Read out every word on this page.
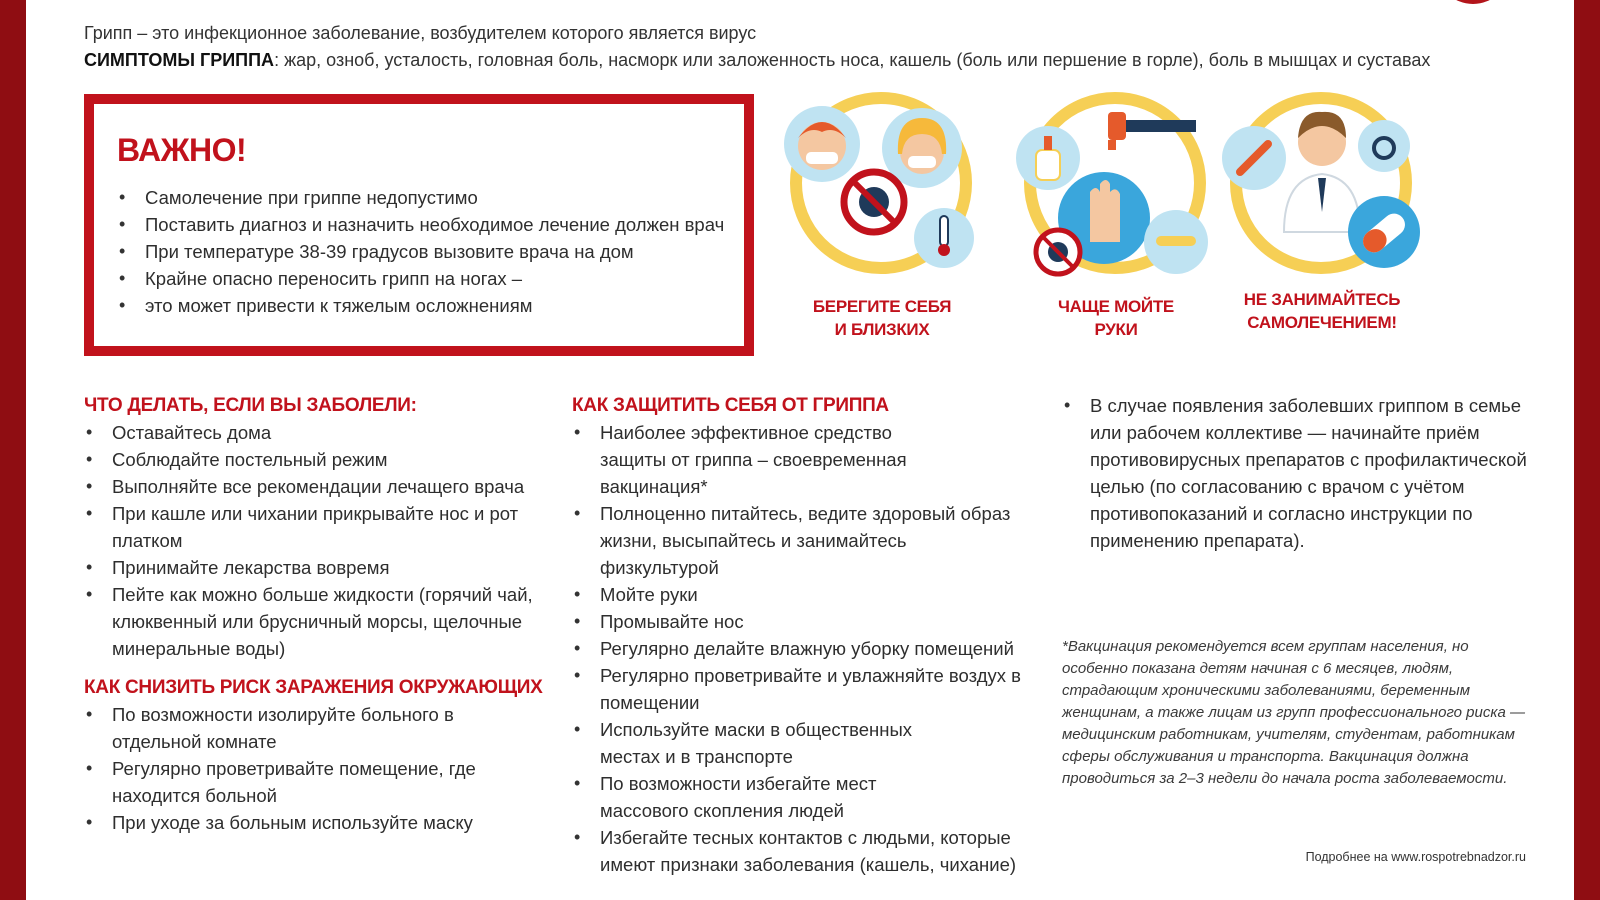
Грипп – это инфекционное заболевание, возбудителем которого является вирус
СИМПТОМЫ ГРИППА: жар, озноб, усталость, головная боль, насморк или заложенность носа, кашель (боль или першение в горле), боль в мышцах и суставах
ВАЖНО!
• Самолечение при гриппе недопустимо
• Поставить диагноз и назначить необходимое лечение должен врач
• При температуре 38-39 градусов вызовите врача на дом
• Крайне опасно переносить грипп на ногах –
• это может привести к тяжелым осложнениям	БЕРЕГИТЕ СЕБЯ
И БЛИЗКИХ
ЧАЩЕ МОЙТЕ
РУКИ
НЕ ЗАНИМАЙТЕСЬ
САМОЛЕЧЕНИЕМ!
ЧТО ДЕЛАТЬ, ЕСЛИ ВЫ ЗАБОЛЕЛИ:
• Оставайтесь дома
• Соблюдайте постельный режим
• Выполняйте все рекомендации лечащего врача
• При кашле или чихании прикрывайте нос и рот платком
• Принимайте лекарства вовремя
• Пейте как можно больше жидкости (горячий чай, клюквенный или брусничный морсы, щелочные минеральные воды)
КАК СНИЗИТЬ РИСК ЗАРАЖЕНИЯ ОКРУЖАЮЩИХ
• По возможности изолируйте больного в отдельной комнате
• Регулярно проветривайте помещение, где находится больной
• При уходе за больным используйте маску
КАК ЗАЩИТИТЬ СЕБЯ ОТ ГРИППА
• Наиболее эффективное средство защиты от гриппа – своевременная вакцинация*
• Полноценно питайтесь, ведите здоровый образ жизни, высыпайтесь и занимайтесь физкультурой
• Мойте руки
• Промывайте нос
• Регулярно делайте влажную уборку помещений
• Регулярно проветривайте и увлажняйте воздух в помещении
• Используйте маски в общественных местах и в транспорте
• По возможности избегайте мест массового скопления людей
• Избегайте тесных контактов с людьми, которые имеют признаки заболевания (кашель, чихание)
• В случае появления заболевших гриппом в семье или рабочем коллективе — начинайте приём противовирусных препаратов с профилактической целью (по согласованию с врачом с учётом противопоказаний и согласно инструкции по применению препарата).
*Вакцинация рекомендуется всем группам населения, но особенно показана детям начиная с 6 месяцев, людям, страдающим хроническими заболеваниями, беременным женщинам, а также лицам из групп профессионального риска — медицинским работникам, учителям, студентам, работникам сферы обслуживания и транспорта. Вакцинация должна проводиться за 2–3 недели до начала роста заболеваемости.
Подробнее на www.rospotrebnadzor.ru
